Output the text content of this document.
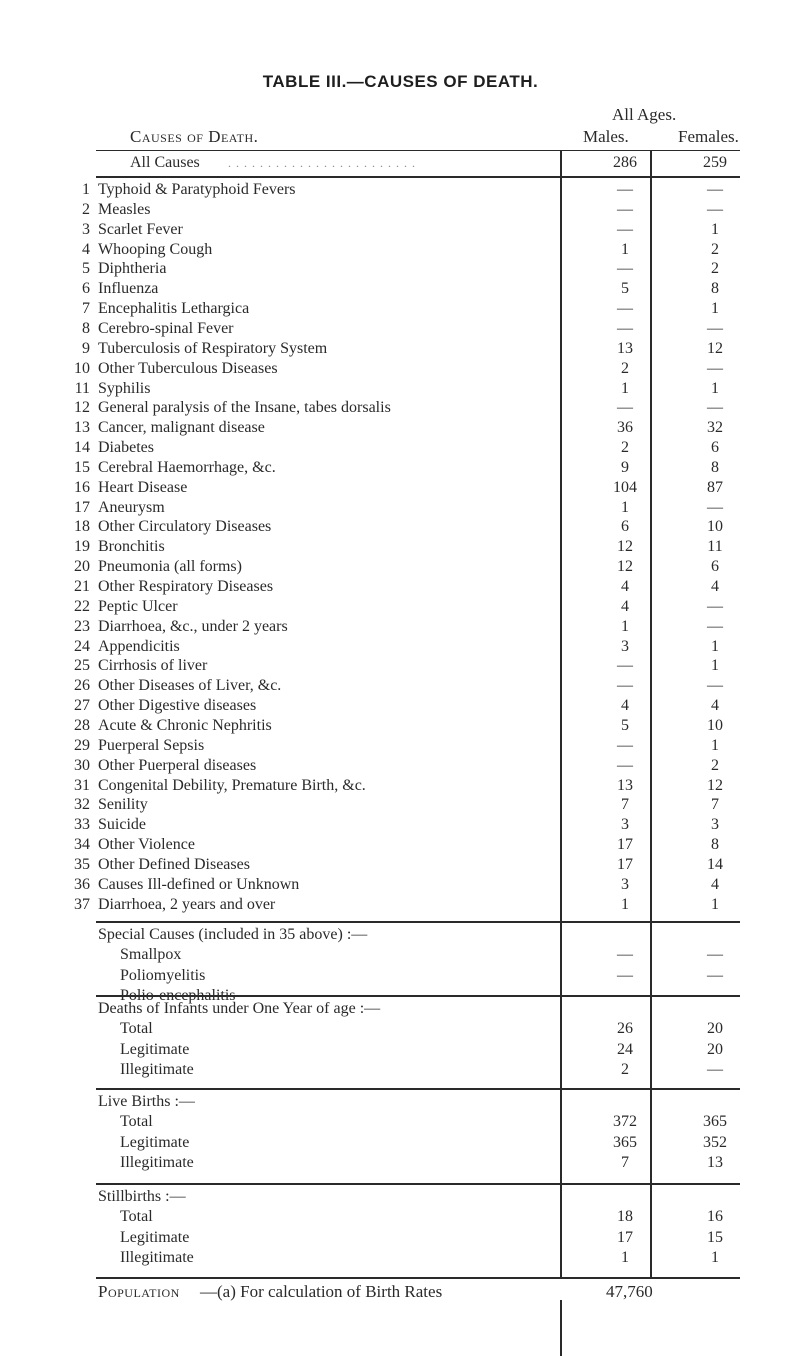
TABLE III.—CAUSES OF DEATH.
All Ages.
Causes of Death.	Males.	Females.
All Causes . . . . . . . . . . . . . . . . . . . . . . . .	286	259
1 Typhoid & Paratyphoid Fevers	—	—
2 Measles	—	—
3 Scarlet Fever	—	1
4 Whooping Cough	1	2
5 Diphtheria	—	2
6 Influenza	5	8
7 Encephalitis Lethargica	—	1
8 Cerebro-spinal Fever	—	—
9 Tuberculosis of Respiratory System	13	12
10 Other Tuberculous Diseases	2	—
11 Syphilis	1	1
12 General paralysis of the Insane, tabes dorsalis	—	—
13 Cancer, malignant disease	36	32
14 Diabetes	2	6
15 Cerebral Haemorrhage, &c.	9	8
16 Heart Disease	104	87
17 Aneurysm	1	—
18 Other Circulatory Diseases	6	10
19 Bronchitis	12	11
20 Pneumonia (all forms)	12	6
21 Other Respiratory Diseases	4	4
22 Peptic Ulcer	4	—
23 Diarrhoea, &c., under 2 years	1	—
24 Appendicitis	3	1
25 Cirrhosis of liver	—	1
26 Other Diseases of Liver, &c.	—	—
27 Other Digestive diseases	4	4
28 Acute & Chronic Nephritis	5	10
29 Puerperal Sepsis	—	1
30 Other Puerperal diseases	—	2
31 Congenital Debility, Premature Birth, &c.	13	12
32 Senility	7	7
33 Suicide	3	3
34 Other Violence	17	8
35 Other Defined Diseases	17	14
36 Causes Ill-defined or Unknown	3	4
37 Diarrhoea, 2 years and over	1	1
Special Causes (included in 35 above) :—
Smallpox	—	—
Poliomyelitis	—	—
Polio-encephalitis	—	—
Deaths of Infants under One Year of age :—
Total	26	20
Legitimate	24	20
Illegitimate	2	—
Live Births :—
Total	372	365
Legitimate	365	352
Illegitimate	7	13
Stillbirths :—
Total	18	16
Legitimate	17	15
Illegitimate	1	1
Population —(a) For calculation of Birth Rates	47,760
